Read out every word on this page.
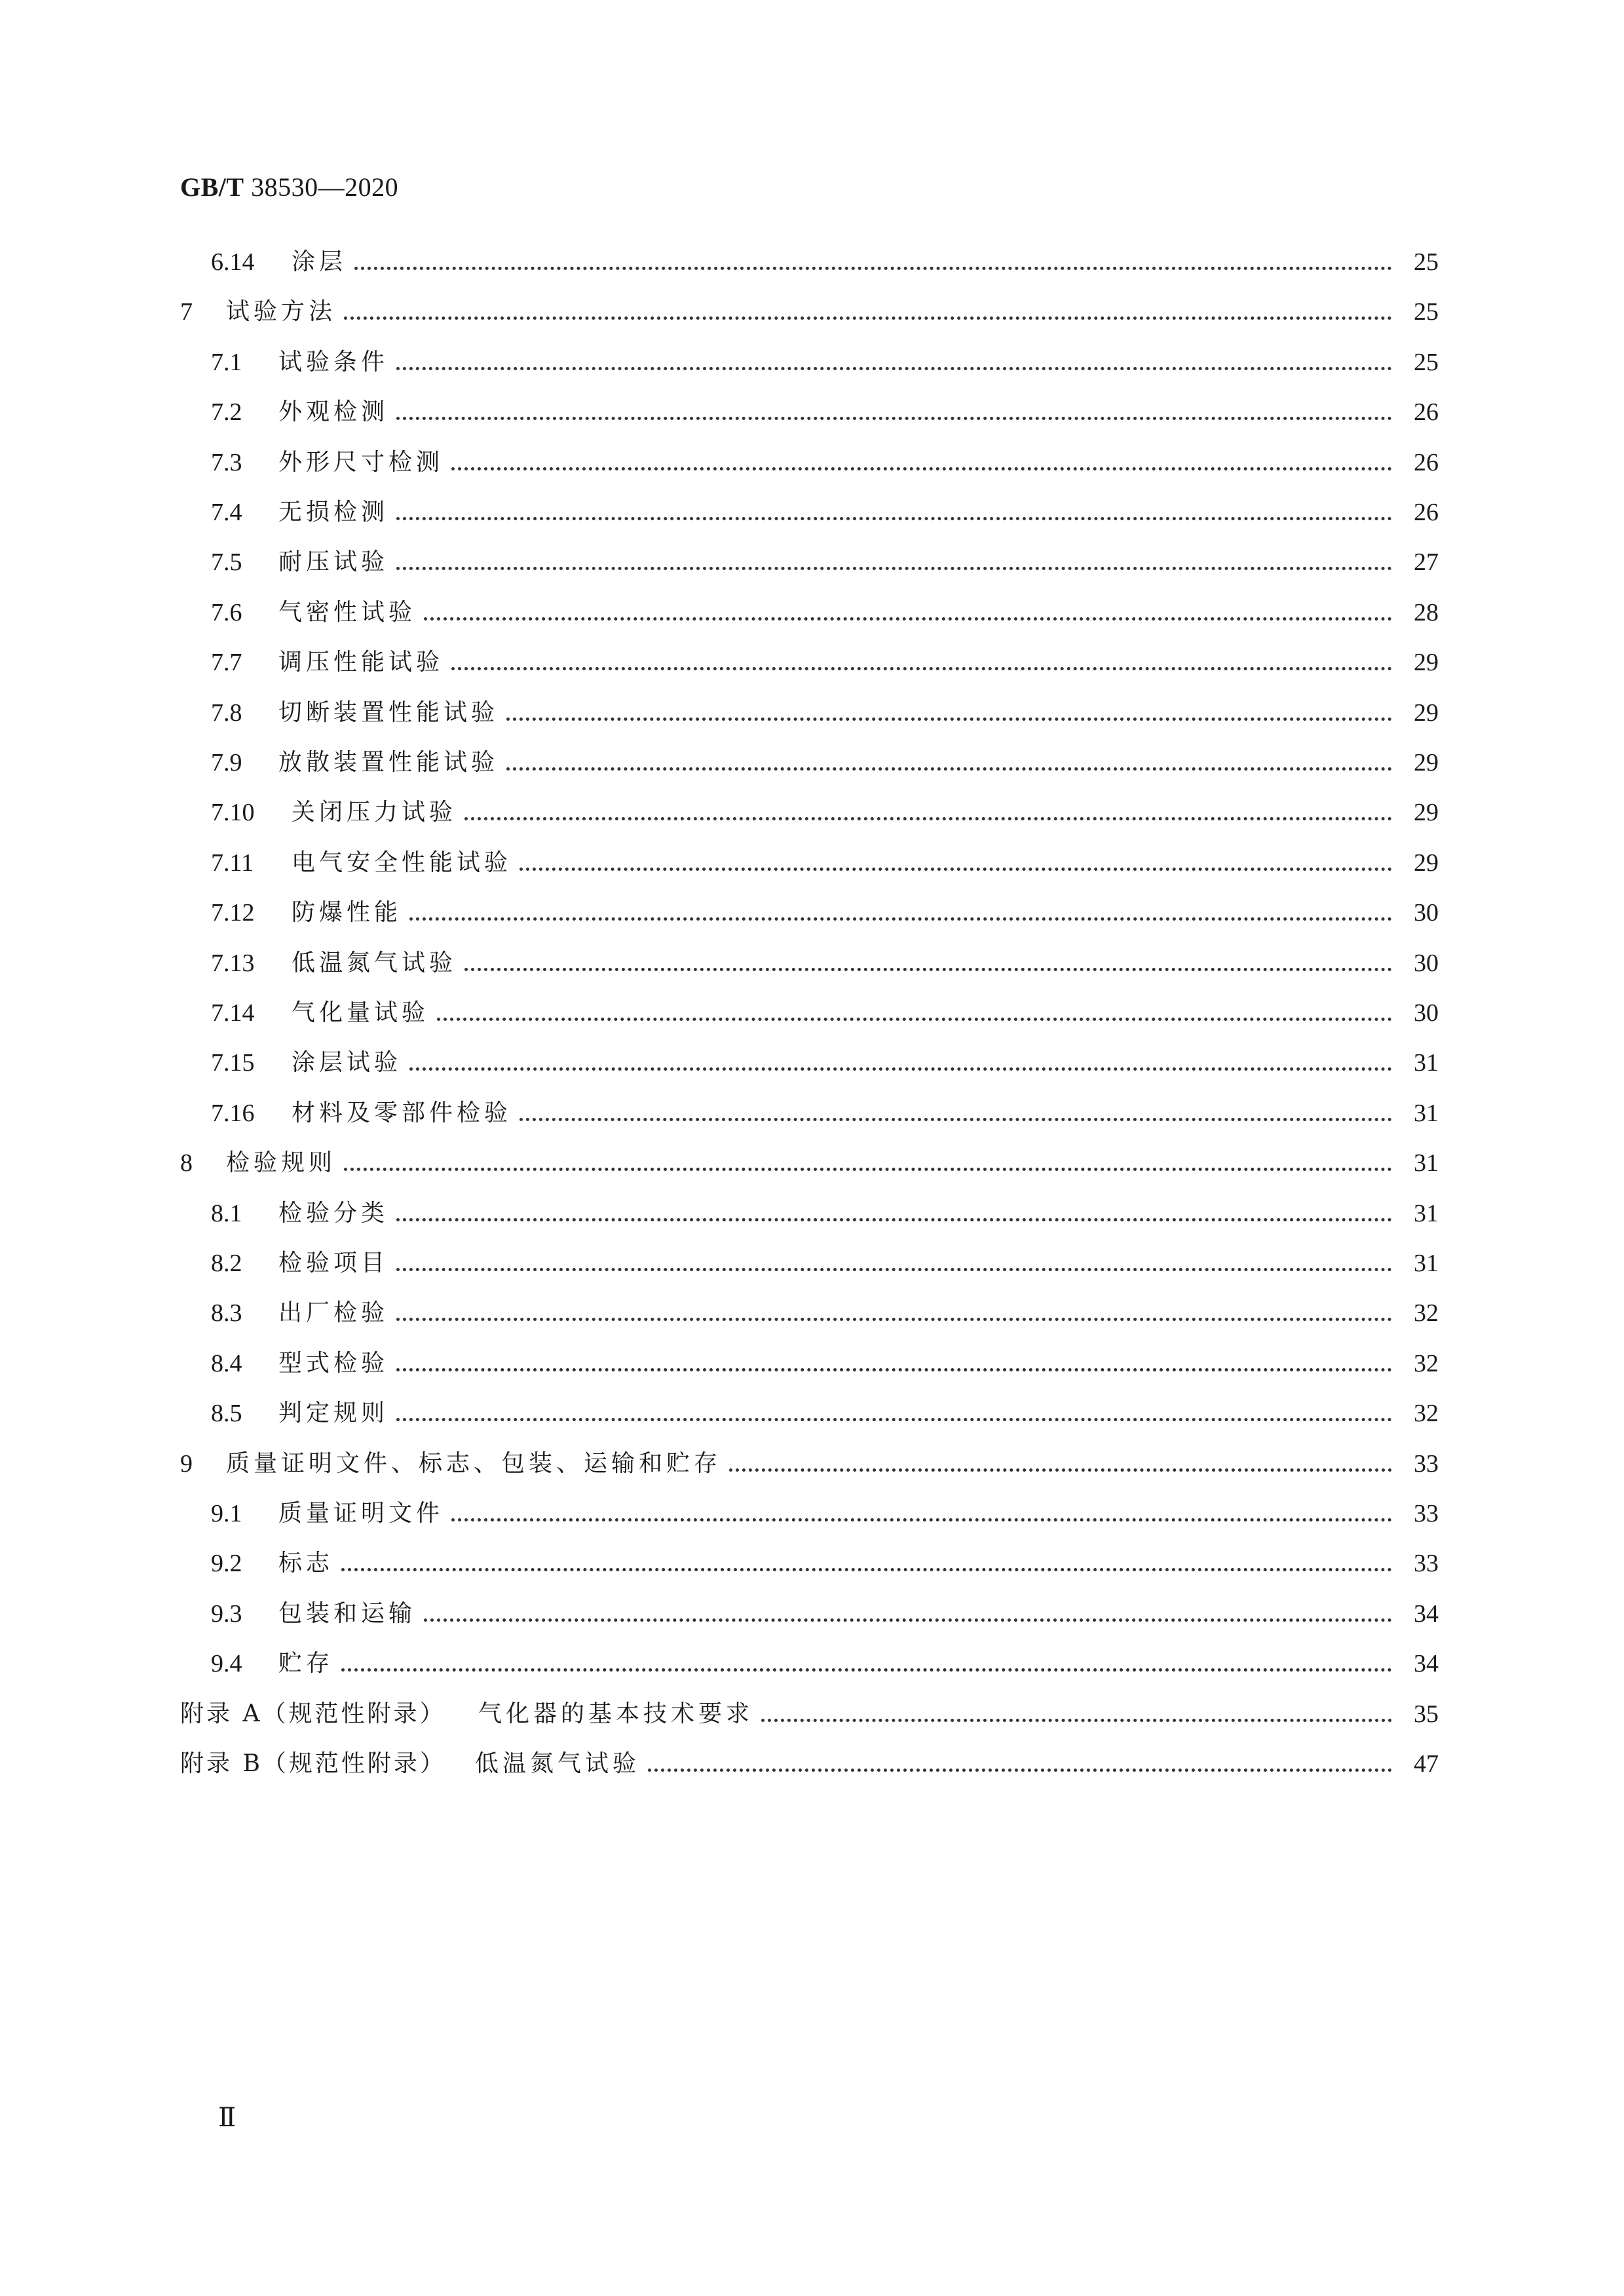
GB/T 38530—2020
6.14 涂层	25
7 试验方法	25
7.1 试验条件	25
7.2 外观检测	26
7.3 外形尺寸检测	26
7.4 无损检测	26
7.5 耐压试验	27
7.6 气密性试验	28
7.7 调压性能试验	29
7.8 切断装置性能试验	29
7.9 放散装置性能试验	29
7.10 关闭压力试验	29
7.11 电气安全性能试验	29
7.12 防爆性能	30
7.13 低温氮气试验	30
7.14 气化量试验	30
7.15 涂层试验	31
7.16 材料及零部件检验	31
8 检验规则	31
8.1 检验分类	31
8.2 检验项目	31
8.3 出厂检验	32
8.4 型式检验	32
8.5 判定规则	32
9 质量证明文件、标志、包装、运输和贮存	33
9.1 质量证明文件	33
9.2 标志	33
9.3 包装和运输	34
9.4 贮存	34
附录 A（规范性附录） 气化器的基本技术要求	35
附录 B（规范性附录） 低温氮气试验	47
Ⅱ
